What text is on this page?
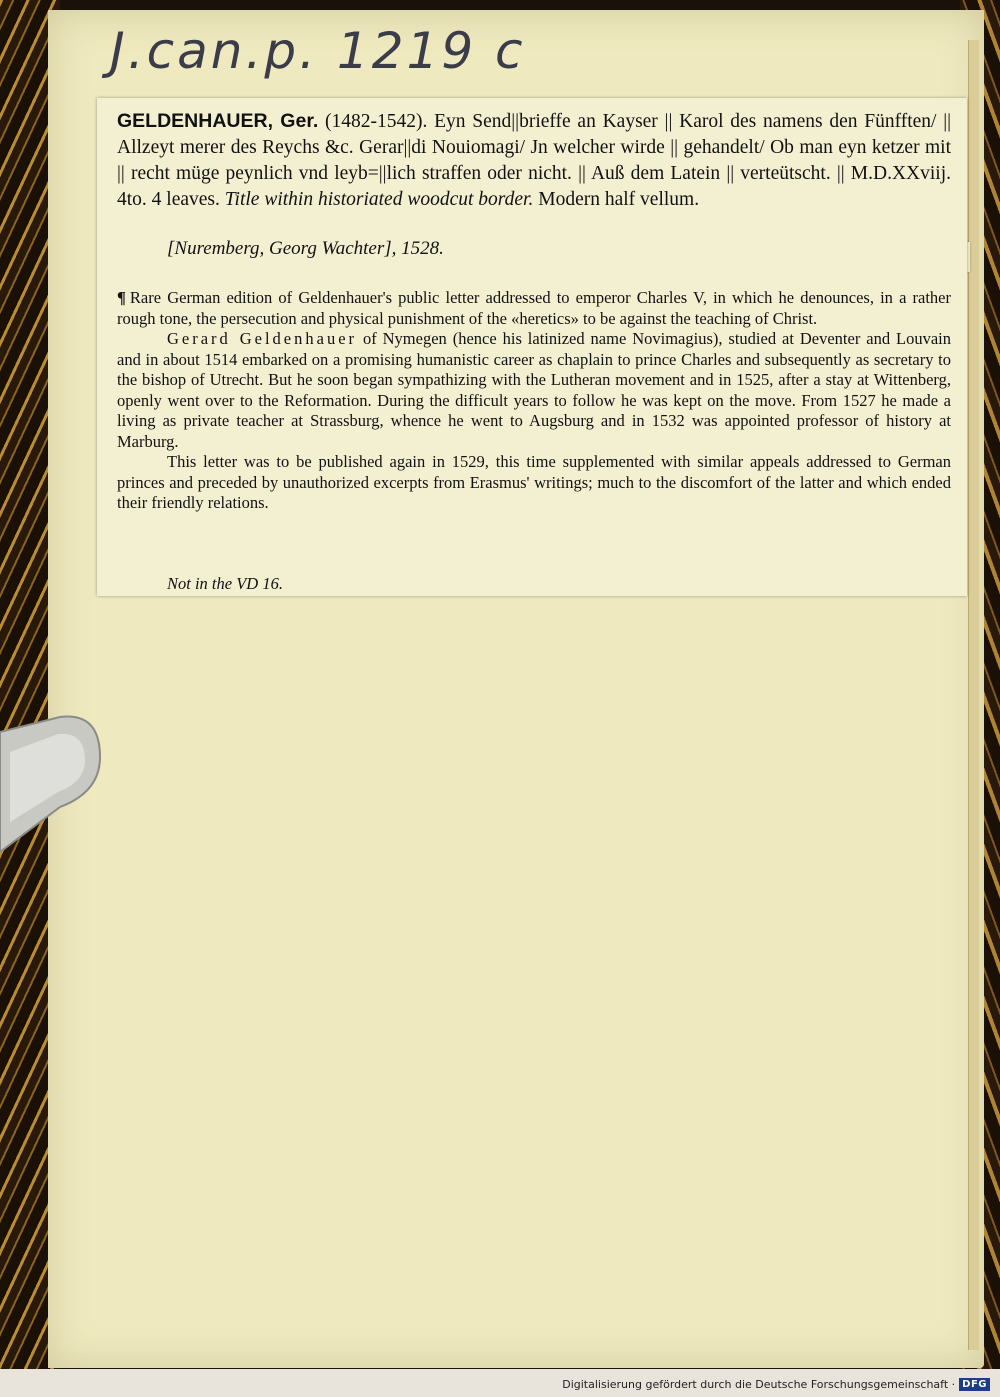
J.can.p. 1219 c
GELDENHAUER, Ger. (1482-1542). Eyn Send||brieffe an Kayser || Karol des namens den Fünfften/ || Allzeyt merer des Reychs &c. Gerar||di Nouiomagi/ Jn welcher wirde || gehandelt/ Ob man eyn ketzer mit || recht müge peynlich vnd leyb=||lich straffen oder nicht. || Auß dem Latein || verteütscht. || M.D.XXviij. 4to. 4 leaves. Title within historiated woodcut border. Modern half vellum.
[Nuremberg, Georg Wachter], 1528.

¶ Rare German edition of Geldenhauer's public letter addressed to emperor Charles V, in which he denounces, in a rather rough tone, the persecution and physical punishment of the «heretics» to be against the teaching of Christ.

Gerard Geldenhauer of Nymegen (hence his latinized name Novimagius), studied at Deventer and Louvain and in about 1514 embarked on a promising humanistic career as chaplain to prince Charles and subsequently as secretary to the bishop of Utrecht. But he soon began sympathizing with the Lutheran movement and in 1525, after a stay at Wittenberg, openly went over to the Reformation. During the difficult years to follow he was kept on the move. From 1527 he made a living as private teacher at Strassburg, whence he went to Augsburg and in 1532 was appointed professor of history at Marburg.

This letter was to be published again in 1529, this time supplemented with similar appeals addressed to German princes and preceded by unauthorized excerpts from Erasmus' writings; much to the discomfort of the latter and which ended their friendly relations.

Not in the VD 16.
Digitalisierung gefördert durch die Deutsche Forschungsgemeinschaft · DFG
